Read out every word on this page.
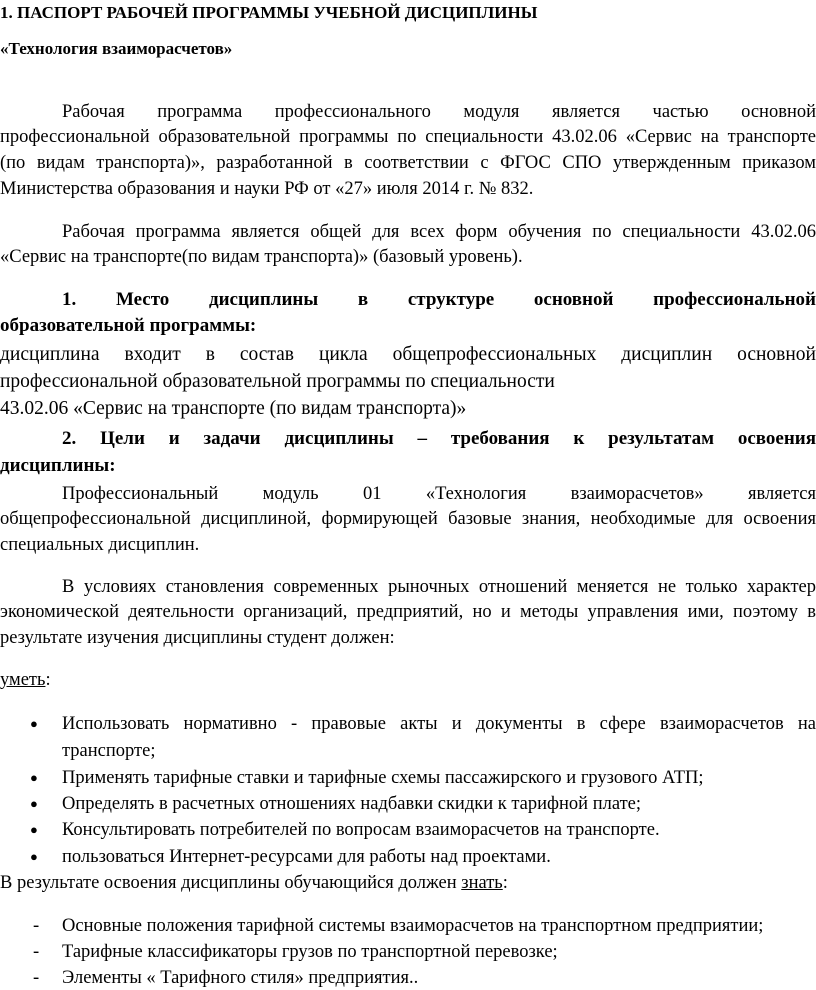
1. ПАСПОРТ РАБОЧЕЙ ПРОГРАММЫ УЧЕБНОЙ ДИСЦИПЛИНЫ
«Технология взаиморасчетов»
Рабочая программа профессионального модуля является частью основной
профессиональной образовательной программы по специальности 43.02.06 «Сервис на транспорте
(по видам транспорта)», разработанной в соответствии с ФГОС СПО утвержденным приказом
Министерства образования и науки РФ от «27» июля 2014 г. № 832.
Рабочая программа является общей для всех форм обучения по специальности 43.02.06
«Сервис на транспорте(по видам транспорта)» (базовый уровень).
1. Место дисциплины в структуре основной профессиональной
образовательной программы:
дисциплина входит в состав цикла общепрофессиональных дисциплин основной
профессиональной образовательной программы по специальности
43.02.06 «Сервис на транспорте (по видам транспорта)»
2. Цели и задачи дисциплины – требования к результатам освоения
дисциплины:
Профессиональный модуль 01 «Технология взаиморасчетов» является
общепрофессиональной дисциплиной, формирующей базовые знания, необходимые для освоения
специальных дисциплин.
В условиях становления современных рыночных отношений меняется не только характер
экономической деятельности организаций, предприятий, но и методы управления ими, поэтому в
результате изучения дисциплины студент должен:
уметь:
● Использовать нормативно - правовые акты и документы в сфере взаиморасчетов на
транспорте;
● Применять тарифные ставки и тарифные схемы пассажирского и грузового АТП;
● Определять в расчетных отношениях надбавки скидки к тарифной плате;
● Консультировать потребителей по вопросам взаиморасчетов на транспорте.
● пользоваться Интернет-ресурсами для работы над проектами.
В результате освоения дисциплины обучающийся должен знать:
- Основные положения тарифной системы взаиморасчетов на транспортном предприятии;
- Тарифные классификаторы грузов по транспортной перевозке;
- Элементы « Тарифного стиля» предприятия..
